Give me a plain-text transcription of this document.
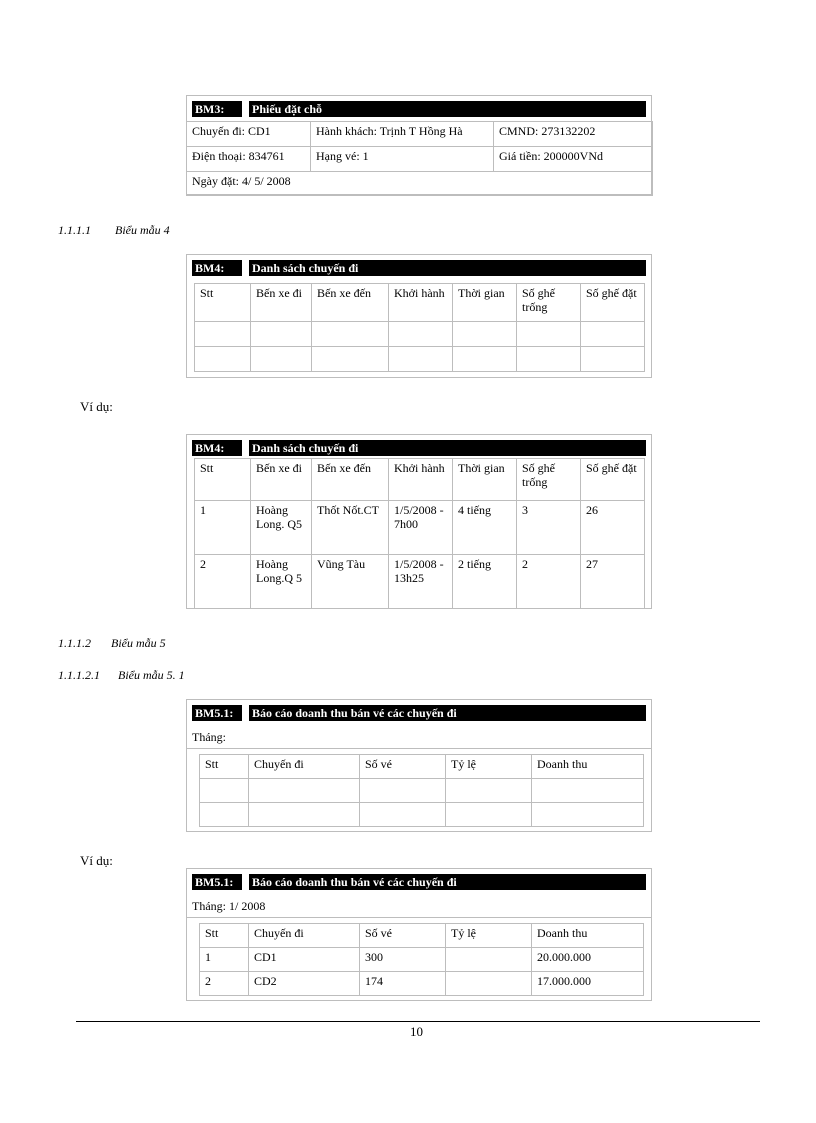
BM3:	Phiếu đặt chỗ
Chuyến đi: CD1	Hành khách: Trịnh T Hồng Hà	CMND: 273132202
Điện thoại: 834761	Hạng vé: 1	Giá tiền: 200000VNd
Ngày đặt: 4/ 5/ 2008		
1.1.1.1 Biểu mẫu 4
BM4:	Danh sách chuyến đi
Stt	Bến xe đi	Bến xe đến	Khởi hành	Thời gian	Số ghế trống	Số ghế đặt

Ví dụ:
BM4:	Danh sách chuyến đi
Stt	Bến xe đi	Bến xe đến	Khởi hành	Thời gian	Số ghế trống	Số ghế đặt
1	Hoàng Long. Q5	Thốt Nốt.CT	1/5/2008 - 7h00	4 tiếng	3	26
2	Hoàng Long.Q 5	Vũng Tàu	1/5/2008 - 13h25	2 tiếng	2	27
1.1.1.2 Biểu mẫu 5
1.1.1.2.1 Biểu mẫu 5. 1
BM5.1:	Báo cáo doanh thu bán vé các chuyến đi
Tháng:
Stt	Chuyến đi	Số vé	Tỷ lệ	Doanh thu

Ví dụ:
BM5.1:	Báo cáo doanh thu bán vé các chuyến đi
Tháng: 1/ 2008
Stt	Chuyến đi	Số vé	Tỷ lệ	Doanh thu
1	CD1	300		20.000.000
2	CD2	174		17.000.000
10
